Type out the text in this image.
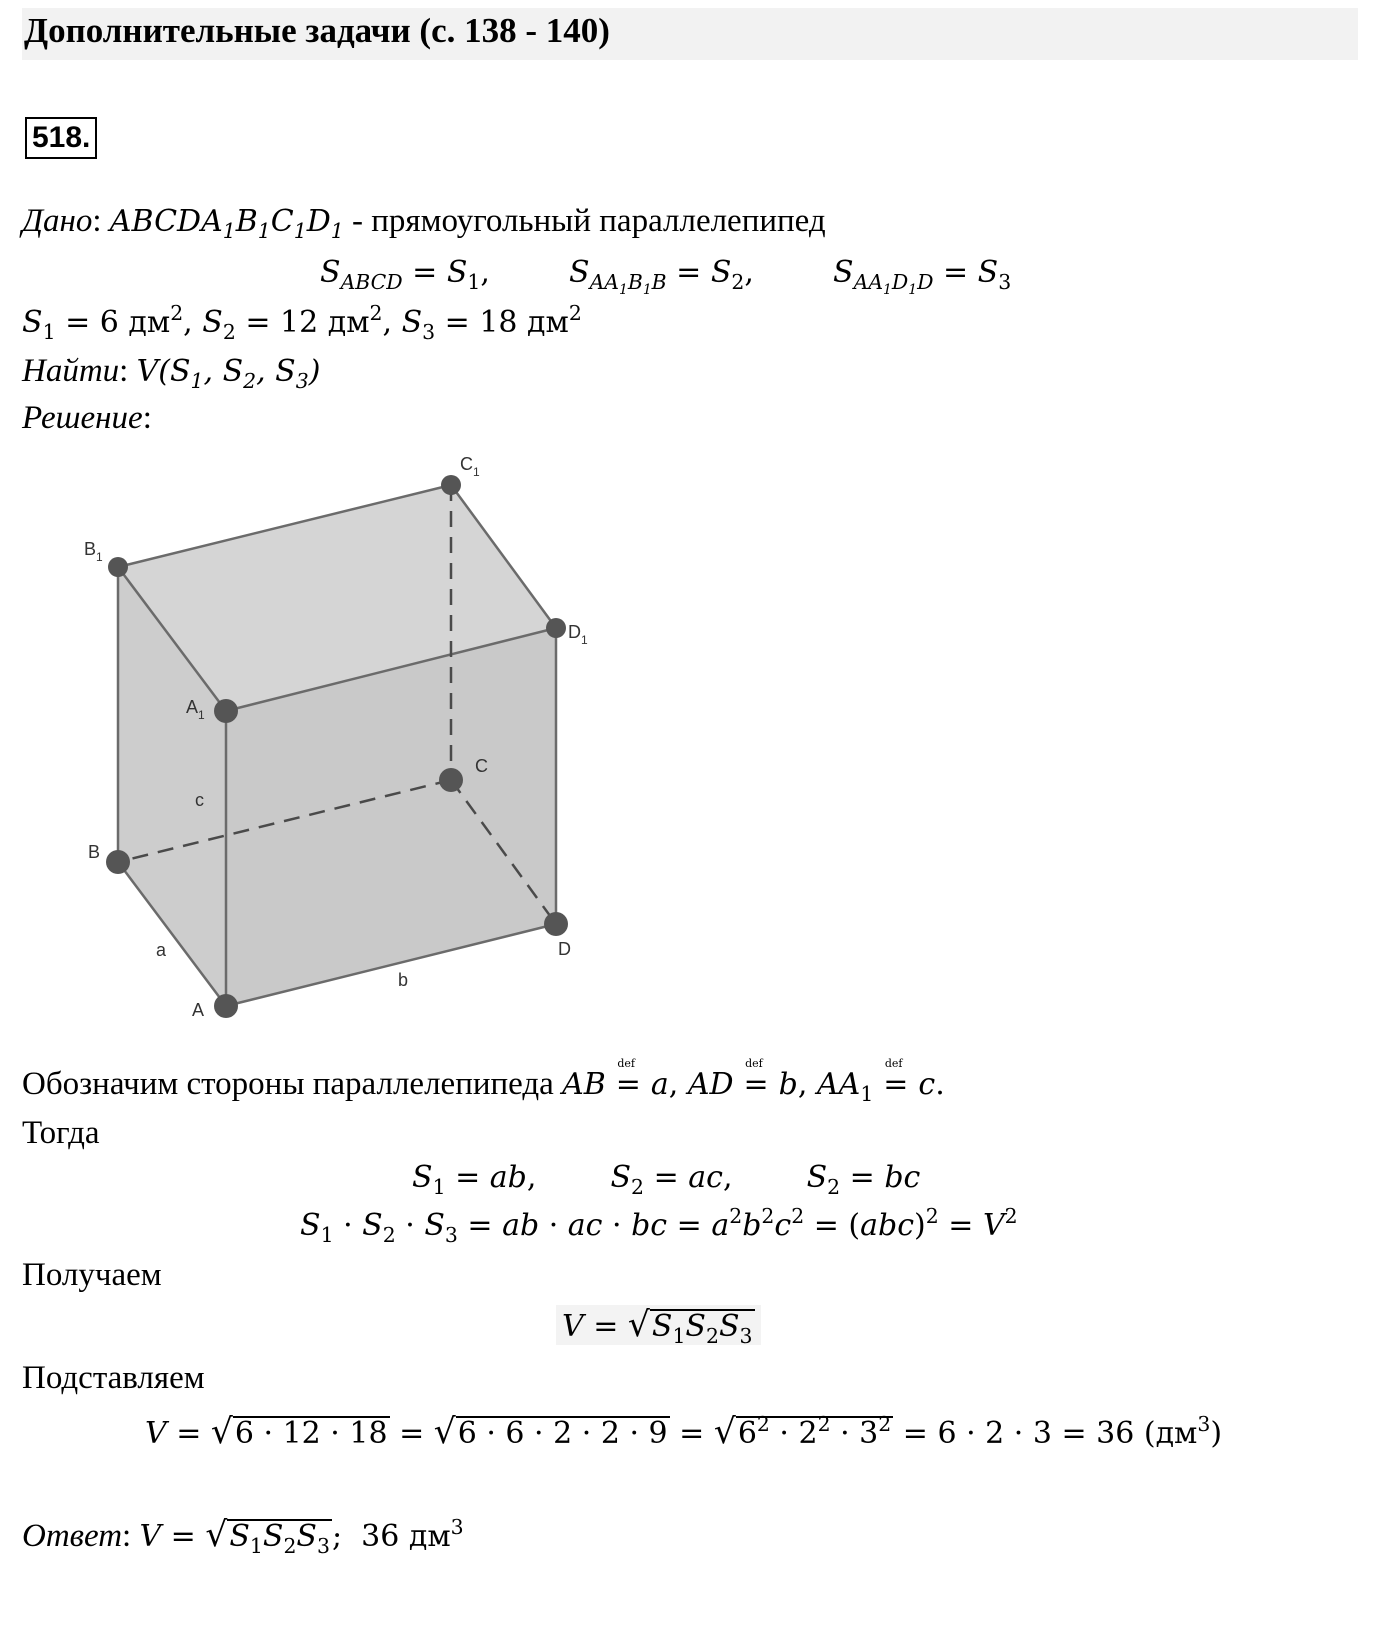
Дополнительные задачи (с. 138 - 140)
518.
Дано: $ABCDA_1B_1C_1D_1$ - прямоугольный параллелепипед
$S_{ABCD} = S_1$,  $S_{AA_1B_1B} = S_2$,  $S_{AA_1D_1D} = S_3$
$S_1 = 6$ $дм^2$, $S_2 = 12$ $дм^2$, $S_3 = 18$ $дм^2$
Найти: $V(S_1$, $S_2$, $S_3$)
Решение:
$C_1$
$B_1$
$D_1$
$A_1$
C
B
D
A
c
a
b
Обозначим стороны параллелепипеда AB
def
= a, AD
def
= b, $AA_1$
def
= c.
Тогда
$S_1$ = ab,  $S_2$ = ac,  $S_2$ = bc
$S_1 \cdot S_2 \cdot S_3$ = ab · ac · bc = $a^2b^2c^2 = (abc)^2 = V^2$
Получаем
$V = √S_1S_2S_3$
Подставляем
$V = √6 \cdot 12 \cdot 18 = √6 \cdot 6 \cdot 2 \cdot 2 \cdot 9 = √6^2 \cdot 2^2 \cdot 3^2 = 6 \cdot 2 \cdot 3 = 36$ $(дм^3)$
Ответ: $V = √S_1S_2S_3$;  36 $дм^3$
